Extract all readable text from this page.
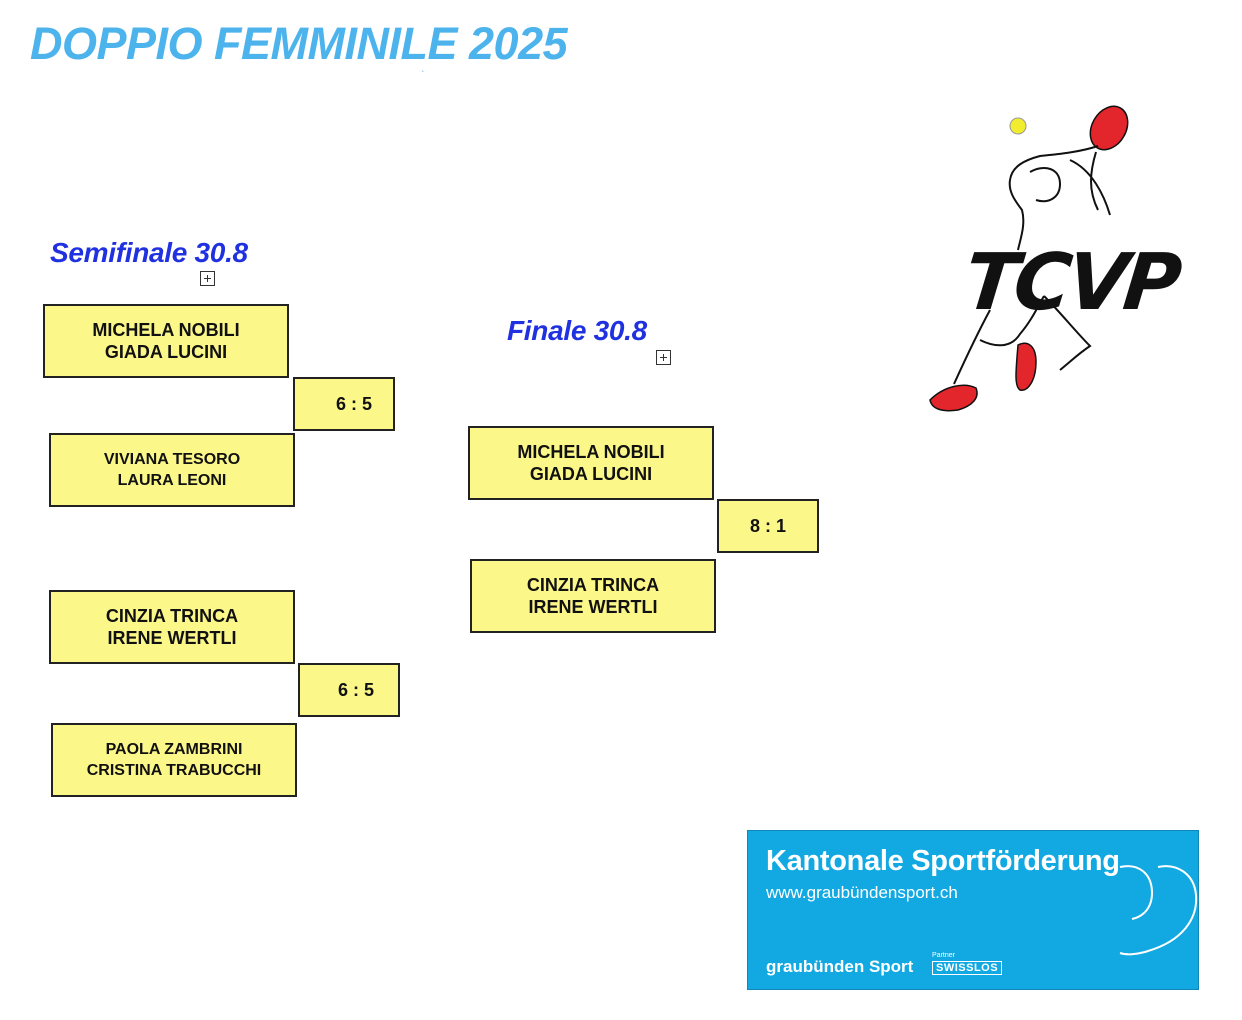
DOPPIO FEMMINILE 2025
`
Semifinale 30.8
MICHELA NOBILI
GIADA LUCINI
6 : 5
VIVIANA TESORO
LAURA LEONI
CINZIA TRINCA
IRENE WERTLI
6 : 5
PAOLA ZAMBRINI
CRISTINA TRABUCCHI
Finale 30.8
MICHELA NOBILI
GIADA LUCINI
8 : 1
CINZIA TRINCA
IRENE WERTLI
TCVP
Kantonale Sportförderung
www.graubündensport.ch
graubünden Sport
Partner
SWISSLOS
